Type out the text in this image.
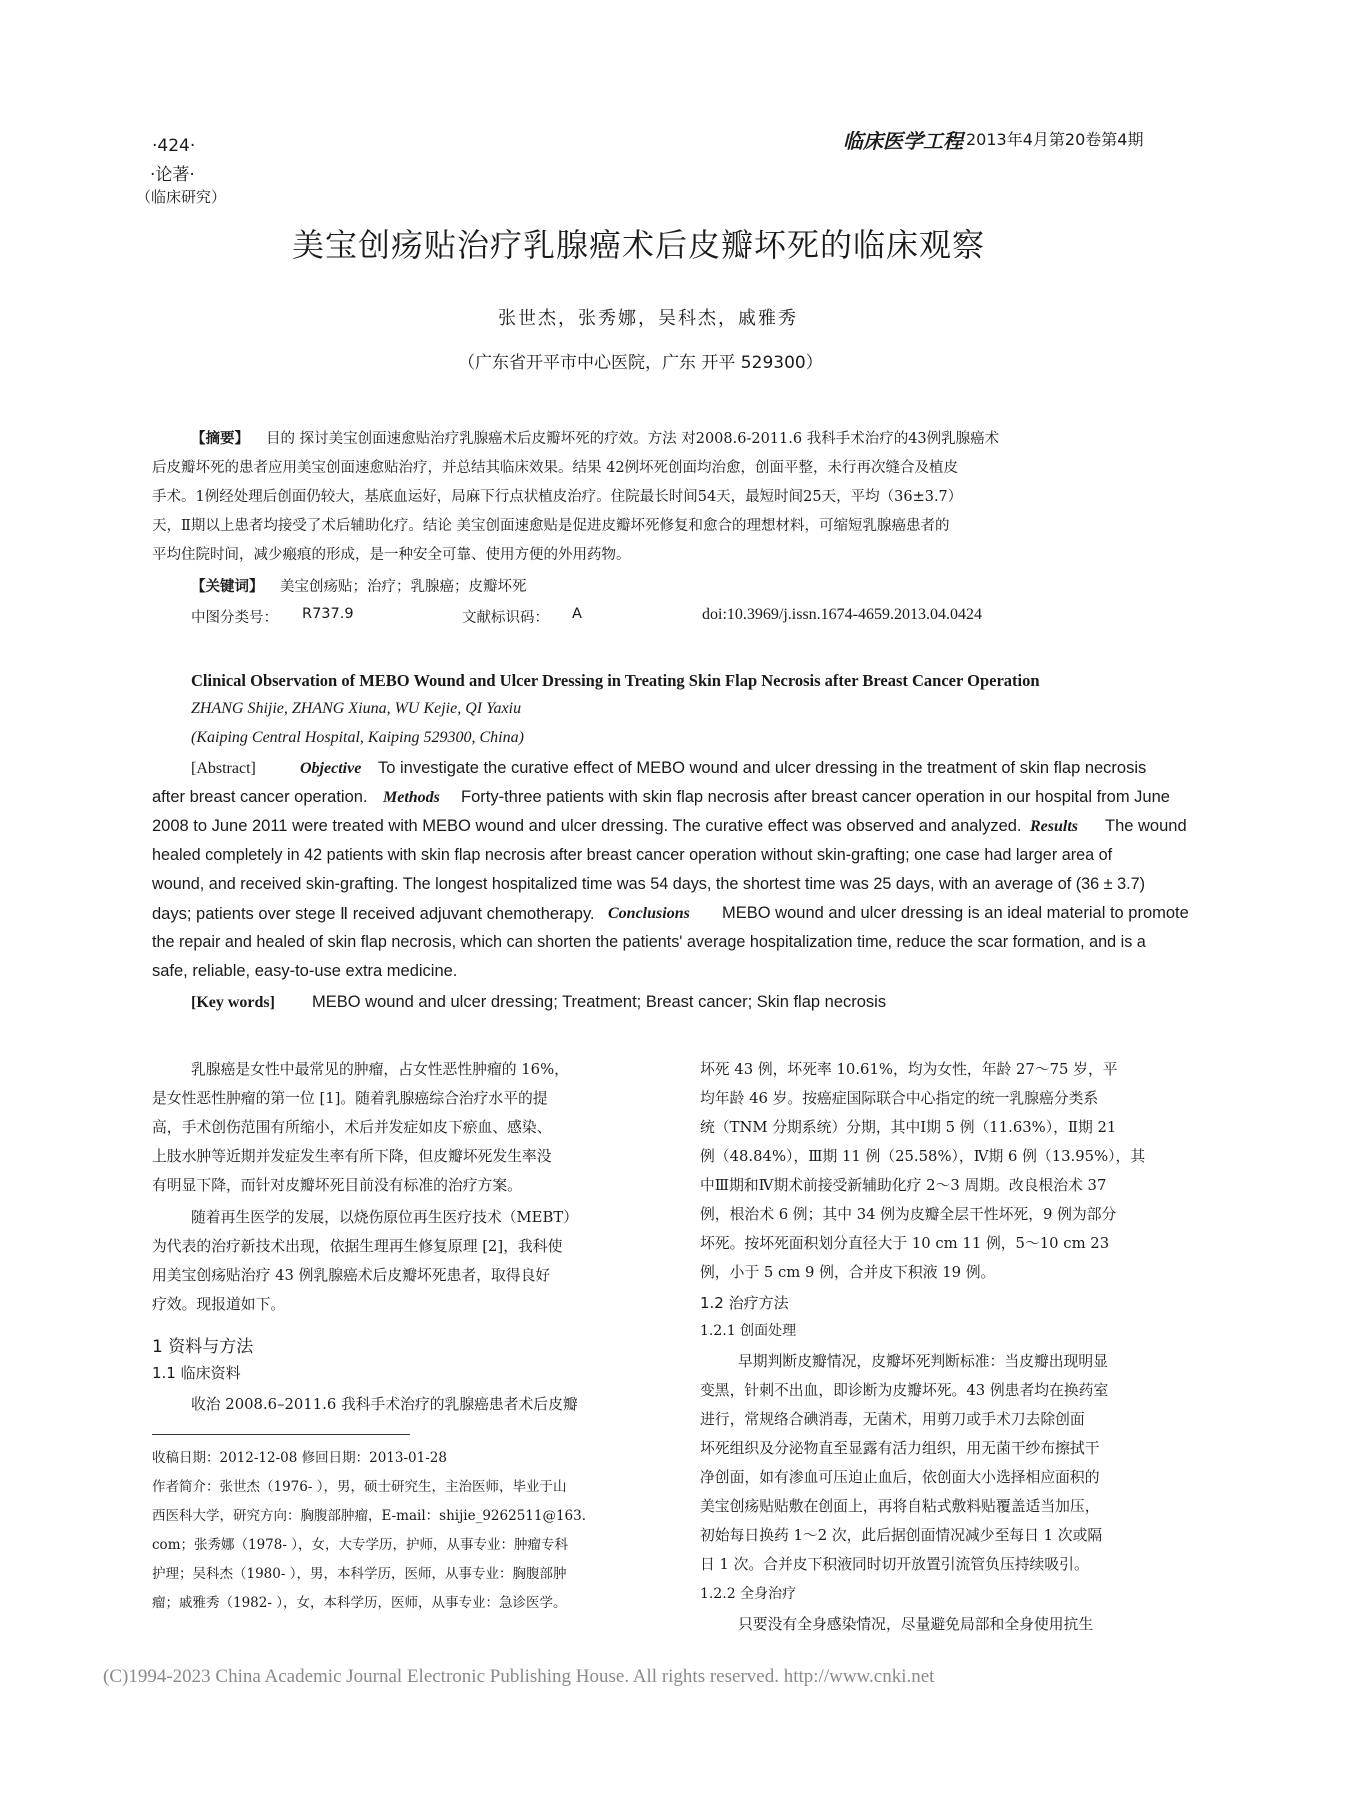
·424·
·论著·
（临床研究）
临床医学工程 2013年4月第20卷第4期
美宝创疡贴治疗乳腺癌术后皮瓣坏死的临床观察
张世杰，张秀娜，吴科杰，戚雅秀
（广东省开平市中心医院，广东 开平 529300）
【摘要】 目的 探讨美宝创面速愈贴治疗乳腺癌术后皮瓣坏死的疗效。方法 对2008.6-2011.6 我科手术治疗的43例乳腺癌术
后皮瓣坏死的患者应用美宝创面速愈贴治疗，并总结其临床效果。结果 42例坏死创面均治愈，创面平整，未行再次缝合及植皮
手术。1例经处理后创面仍较大，基底血运好，局麻下行点状植皮治疗。住院最长时间54天，最短时间25天，平均（36±3.7）
天，Ⅱ期以上患者均接受了术后辅助化疗。结论 美宝创面速愈贴是促进皮瓣坏死修复和愈合的理想材料，可缩短乳腺癌患者的
平均住院时间，减少瘢痕的形成，是一种安全可靠、使用方便的外用药物。
【关键词】 美宝创疡贴；治疗；乳腺癌；皮瓣坏死
中图分类号： R737.9	文献标识码： A	doi:10.3969/j.issn.1674-4659.2013.04.0424
Clinical Observation of MEBO Wound and Ulcer Dressing in Treating Skin Flap Necrosis after Breast Cancer Operation
ZHANG Shijie, ZHANG Xiuna, WU Kejie, QI Yaxiu
(Kaiping Central Hospital, Kaiping 529300, China)
[Abstract]	Objective To investigate the curative effect of MEBO wound and ulcer dressing in the treatment of skin flap necrosis
after breast cancer operation. Methods Forty-three patients with skin flap necrosis after breast cancer operation in our hospital from June
2008 to June 2011 were treated with MEBO wound and ulcer dressing. The curative effect was observed and analyzed. Results The wound
healed completely in 42 patients with skin flap necrosis after breast cancer operation without skin-grafting; one case had larger area of
wound, and received skin-grafting. The longest hospitalized time was 54 days, the shortest time was 25 days, with an average of (36 ± 3.7)
days; patients over stege Ⅱ received adjuvant chemotherapy. Conclusions MEBO wound and ulcer dressing is an ideal material to promote
the repair and healed of skin flap necrosis, which can shorten the patients' average hospitalization time, reduce the scar formation, and is a
safe, reliable, easy-to-use extra medicine.
[Key words] MEBO wound and ulcer dressing; Treatment; Breast cancer; Skin flap necrosis
乳腺癌是女性中最常见的肿瘤，占女性恶性肿瘤的 16%，
是女性恶性肿瘤的第一位 [1]。随着乳腺癌综合治疗水平的提
高，手术创伤范围有所缩小，术后并发症如皮下瘀血、感染、
上肢水肿等近期并发症发生率有所下降，但皮瓣坏死发生率没
有明显下降，而针对皮瓣坏死目前没有标准的治疗方案。
随着再生医学的发展，以烧伤原位再生医疗技术（MEBT）
为代表的治疗新技术出现，依据生理再生修复原理 [2]，我科使
用美宝创疡贴治疗 43 例乳腺癌术后皮瓣坏死患者，取得良好
疗效。现报道如下。
1 资料与方法
1.1 临床资料
收治 2008.6–2011.6 我科手术治疗的乳腺癌患者术后皮瓣
收稿日期：2012-12-08 修回日期：2013-01-28
作者简介：张世杰（1976- ），男，硕士研究生，主治医师，毕业于山
西医科大学，研究方向：胸腹部肿瘤，E-mail：shijie_9262511@163.
com；张秀娜（1978- ），女，大专学历，护师，从事专业：肿瘤专科
护理；吴科杰（1980- ），男，本科学历，医师，从事专业：胸腹部肿
瘤；戚雅秀（1982- ），女，本科学历，医师，从事专业：急诊医学。
坏死 43 例，坏死率 10.61%，均为女性，年龄 27～75 岁，平
均年龄 46 岁。按癌症国际联合中心指定的统一乳腺癌分类系
统（TNM 分期系统）分期，其中Ⅰ期 5 例（11.63%），Ⅱ期 21
例（48.84%），Ⅲ期 11 例（25.58%），Ⅳ期 6 例（13.95%），其
中Ⅲ期和Ⅳ期术前接受新辅助化疗 2～3 周期。改良根治术 37
例，根治术 6 例；其中 34 例为皮瓣全层干性坏死，9 例为部分
坏死。按坏死面积划分直径大于 10 cm 11 例，5～10 cm 23
例，小于 5 cm 9 例，合并皮下积液 19 例。
1.2 治疗方法
1.2.1 创面处理
早期判断皮瓣情况，皮瓣坏死判断标准：当皮瓣出现明显
变黑，针刺不出血，即诊断为皮瓣坏死。43 例患者均在换药室
进行，常规络合碘消毒，无菌术，用剪刀或手术刀去除创面
坏死组织及分泌物直至显露有活力组织，用无菌干纱布擦拭干
净创面，如有渗血可压迫止血后，依创面大小选择相应面积的
美宝创疡贴贴敷在创面上，再将自粘式敷料贴覆盖适当加压，
初始每日换药 1～2 次，此后据创面情况减少至每日 1 次或隔
日 1 次。合并皮下积液同时切开放置引流管负压持续吸引。
1.2.2 全身治疗
只要没有全身感染情况，尽量避免局部和全身使用抗生
(C)1994-2023 China Academic Journal Electronic Publishing House. All rights reserved. http://www.cnki.net
